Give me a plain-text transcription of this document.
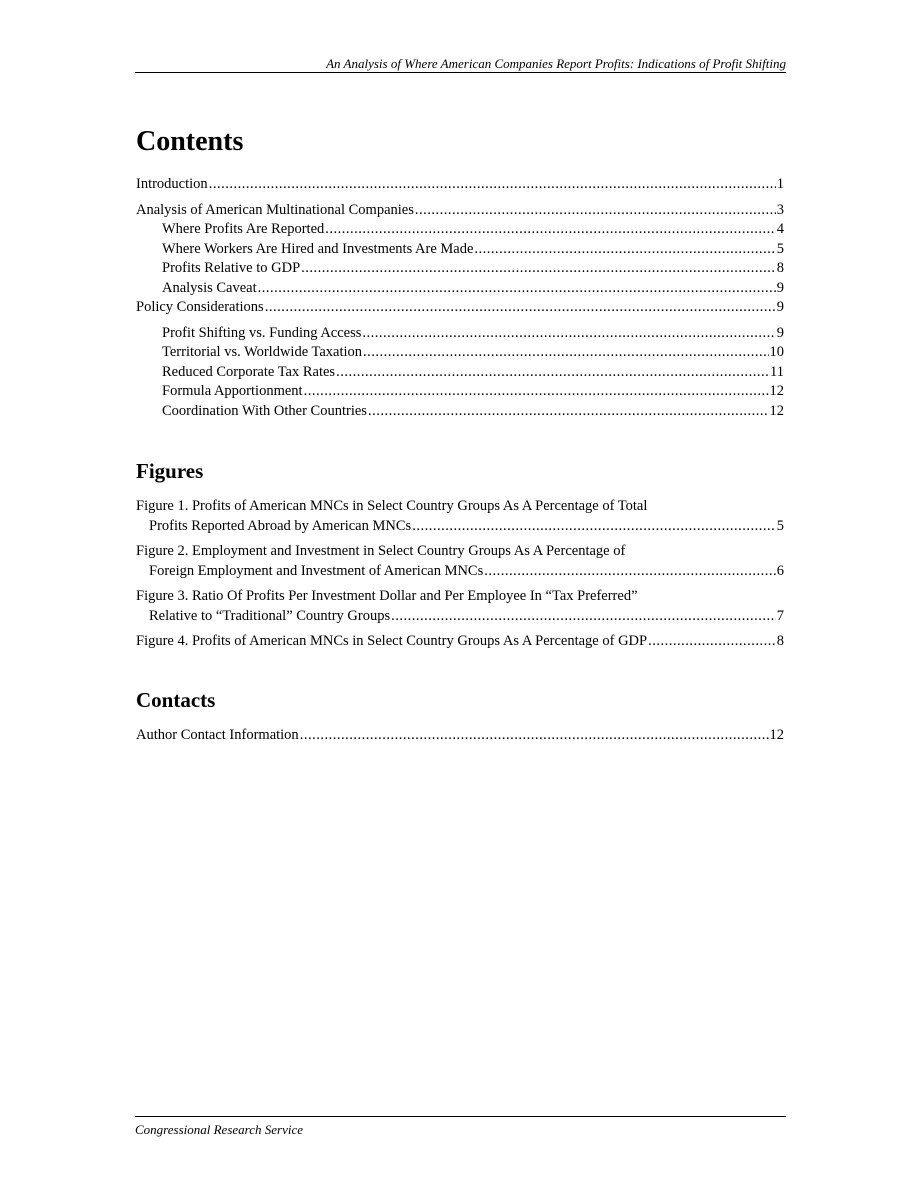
An Analysis of Where American Companies Report Profits: Indications of Profit Shifting
Contents
Introduction .....	1
Analysis of American Multinational Companies .....	3
Where Profits Are Reported .....	4
Where Workers Are Hired and Investments Are Made .....	5
Profits Relative to GDP .....	8
Analysis Caveat .....	9
Policy Considerations .....	9
Profit Shifting vs. Funding Access .....	9
Territorial vs. Worldwide Taxation .....	10
Reduced Corporate Tax Rates .....	11
Formula Apportionment .....	12
Coordination With Other Countries .....	12
Figures
Figure 1. Profits of American MNCs in Select Country Groups As A Percentage of Total
Profits Reported Abroad by American MNCs .....	5
Figure 2. Employment and Investment in Select Country Groups As A Percentage of
Foreign Employment and Investment of American MNCs .....	6
Figure 3. Ratio Of Profits Per Investment Dollar and Per Employee In “Tax Preferred”
Relative to “Traditional” Country Groups .....	7
Figure 4. Profits of American MNCs in Select Country Groups As A Percentage of GDP .....	8
Contacts
Author Contact Information .....	12
Congressional Research Service
